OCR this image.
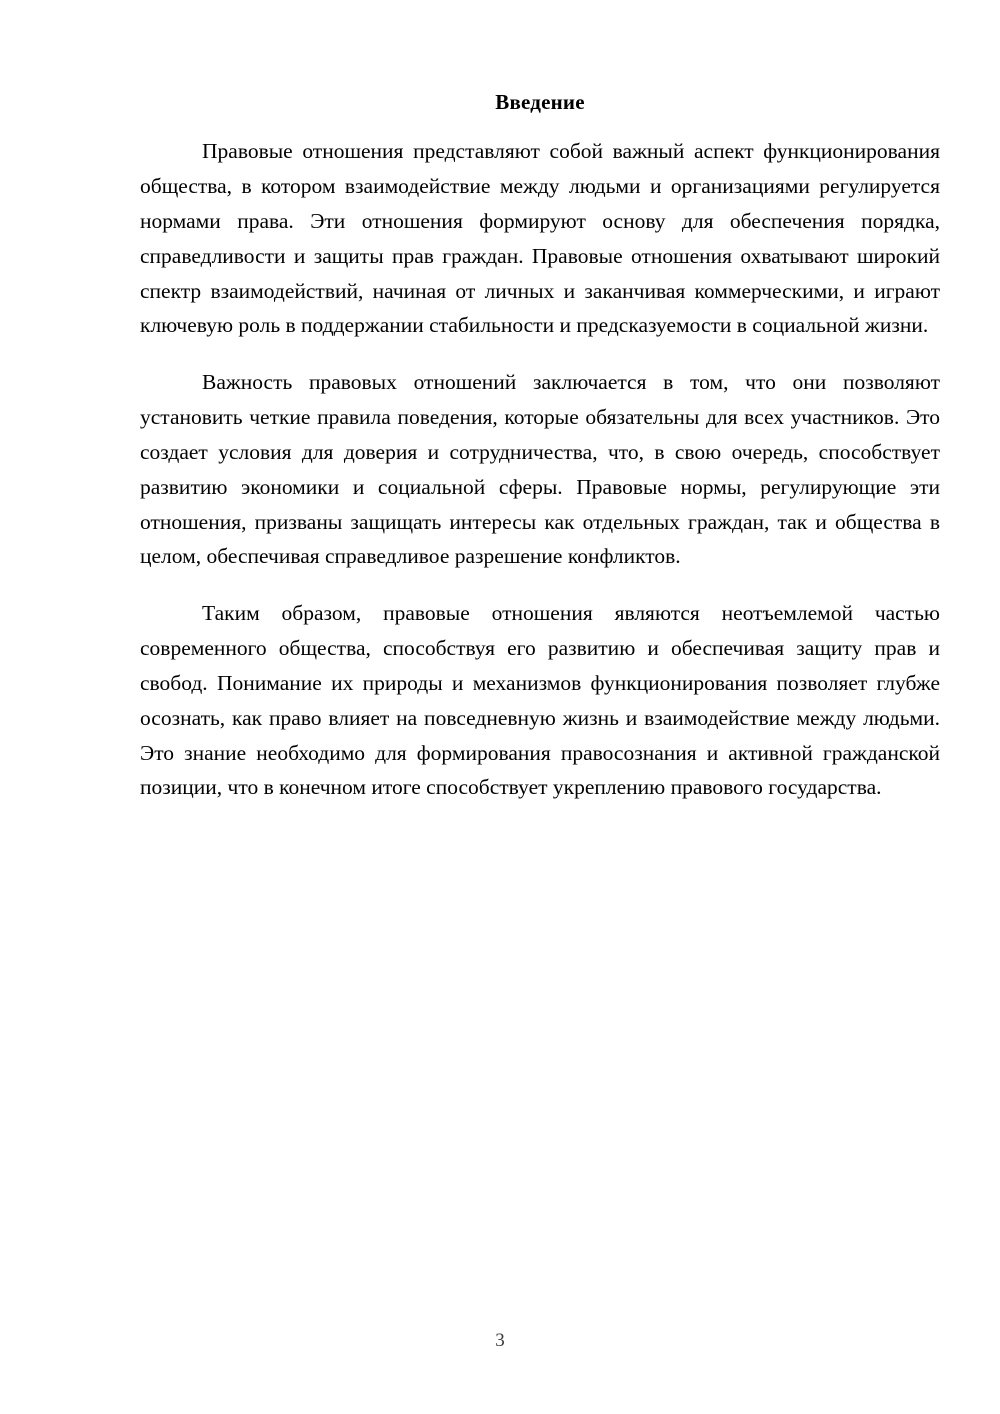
Введение

Правовые отношения представляют собой важный аспект функционирования общества, в котором взаимодействие между людьми и организациями регулируется нормами права. Эти отношения формируют основу для обеспечения порядка, справедливости и защиты прав граждан. Правовые отношения охватывают широкий спектр взаимодействий, начиная от личных и заканчивая коммерческими, и играют ключевую роль в поддержании стабильности и предсказуемости в социальной жизни.

Важность правовых отношений заключается в том, что они позволяют установить четкие правила поведения, которые обязательны для всех участников. Это создает условия для доверия и сотрудничества, что, в свою очередь, способствует развитию экономики и социальной сферы. Правовые нормы, регулирующие эти отношения, призваны защищать интересы как отдельных граждан, так и общества в целом, обеспечивая справедливое разрешение конфликтов.

Таким образом, правовые отношения являются неотъемлемой частью современного общества, способствуя его развитию и обеспечивая защиту прав и свобод. Понимание их природы и механизмов функционирования позволяет глубже осознать, как право влияет на повседневную жизнь и взаимодействие между людьми. Это знание необходимо для формирования правосознания и активной гражданской позиции, что в конечном итоге способствует укреплению правового государства.

3
